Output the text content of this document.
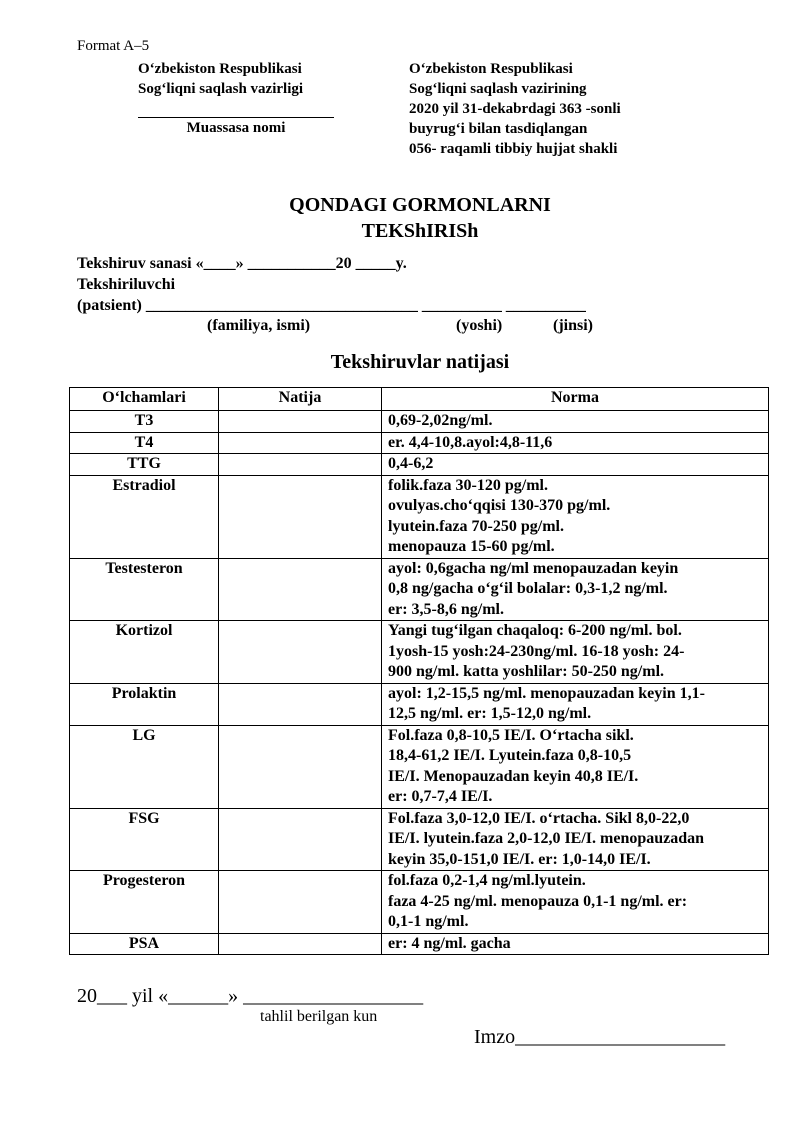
Format A–5
O‘zbekiston Respublikasi
Sog‘liqni saqlash vazirligi
Muassasa nomi
O‘zbekiston Respublikasi
Sog‘liqni saqlash vazirining
2020 yil 31-dekabrdagi 363 -sonli
buyrug‘i bilan tasdiqlangan
056- raqamli tibbiy hujjat shakli
QONDAGI GORMONLARNI
TEKShIRISh
Tekshiruv sanasi «____» ___________20 _____y.
Tekshiriluvchi
(patsient) __________________________________ __________ __________
(familiya, ismi)	(yoshi)	(jinsi)
Tekshiruvlar natijasi
O‘lchamlari	Natija	Norma
T3		0,69-2,02ng/ml.

T4		er. 4,4-10,8.ayol:4,8-11,6

TTG		0,4-6,2

Estradiol		folik.faza 30-120 pg/ml.
ovulyas.cho‘qqisi 130-370 pg/ml.
lyutein.faza 70-250 pg/ml.
menopauza 15-60 pg/ml.

Testesteron		ayol: 0,6gacha ng/ml menopauzadan keyin
0,8 ng/gacha o‘g‘il bolalar: 0,3-1,2 ng/ml.
er: 3,5-8,6 ng/ml.

Kortizol		Yangi tug‘ilgan chaqaloq: 6-200 ng/ml. bol.
1yosh-15 yosh:24-230ng/ml. 16-18 yosh: 24-
900 ng/ml. katta yoshlilar: 50-250 ng/ml.

Prolaktin		ayol: 1,2-15,5 ng/ml. menopauzadan keyin 1,1-
12,5 ng/ml. er: 1,5-12,0 ng/ml.

LG		Fol.faza 0,8-10,5 IE/I. O‘rtacha sikl.
18,4-61,2 IE/I. Lyutein.faza 0,8-10,5
IE/I. Menopauzadan keyin 40,8 IE/I.
er: 0,7-7,4 IE/I.

FSG		Fol.faza 3,0-12,0 IE/I. o‘rtacha. Sikl 8,0-22,0
IE/I. lyutein.faza 2,0-12,0 IE/I. menopauzadan
keyin 35,0-151,0 IE/I. er: 1,0-14,0 IE/I.

Progesteron		fol.faza 0,2-1,4 ng/ml.lyutein.
faza 4-25 ng/ml. menopauza 0,1-1 ng/ml. er:
0,1-1 ng/ml.

PSA		er: 4 ng/ml. gacha
20___ yil «______» __________________
tahlil berilgan kun
Imzo_____________________
